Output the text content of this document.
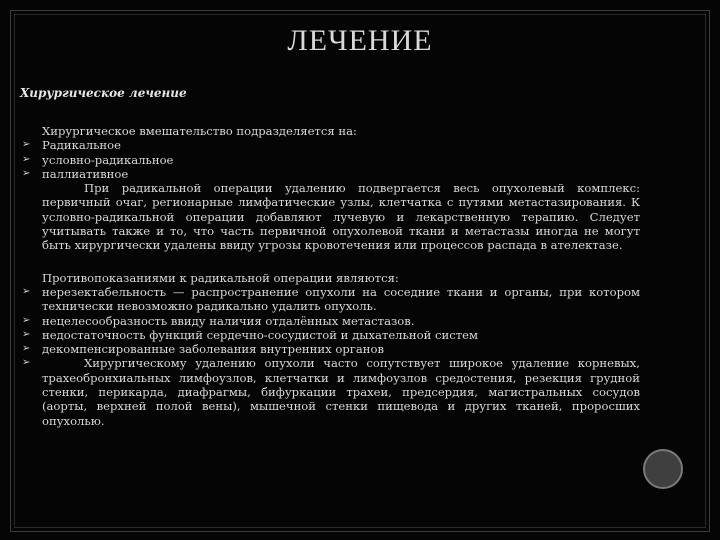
ЛЕЧЕНИЕ
Хирургическое лечение

Хирургическое вмешательство подразделяется на:

➢	Радикальное
➢	условно-радикальное
➢	паллиативное

При радикальной операции удалению подвергается весь опухолевый комплекс: первичный очаг, регионарные лимфатические узлы, клетчатка с путями метастазирования. К условно-радикальной операции добавляют лучевую и лекарственную терапию. Следует учитывать также и то, что часть первичной опухолевой ткани и метастазы иногда не могут быть хирургически удалены ввиду угрозы кровотечения или процессов распада в ателектазе.

Противопоказаниями к радикальной операции являются:

➢	нерезектабельность — распространение опухоли на соседние ткани и органы, при котором технически невозможно радикально удалить опухоль.
➢	нецелесообразность ввиду наличия отдалённых метастазов.
➢	недостаточность функций сердечно-сосудистой и дыхательной систем
➢	декомпенсированные заболевания внутренних органов
➢	Хирургическому удалению опухоли часто сопутствует широкое удаление корневых, трахеобронхиальных лимфоузлов, клетчатки и лимфоузлов средостения, резекция грудной стенки, перикарда, диафрагмы, бифуркации трахеи, предсердия, магистральных сосудов (аорты, верхней полой вены), мышечной стенки пищевода и других тканей, проросших опухолью.
